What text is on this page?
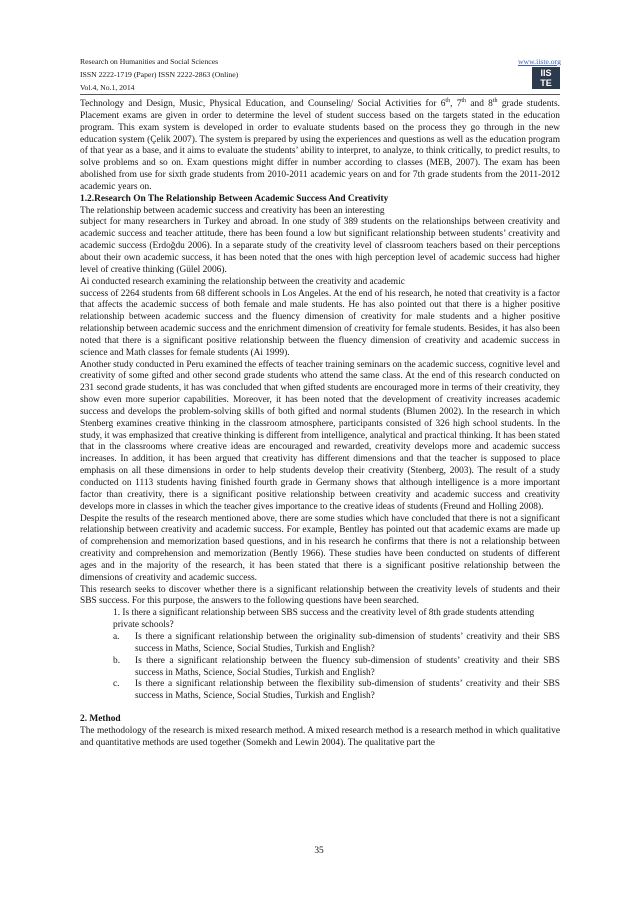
Research on Humanities and Social Sciences
ISSN 2222-1719 (Paper) ISSN 2222-2863 (Online)
Vol.4, No.1, 2014
www.iiste.org
IIS
TE

Technology and Design, Music, Physical Education, and Counseling/ Social Activities for 6th, 7th and 8th grade students. Placement exams are given in order to determine the level of student success based on the targets stated in the education program. This exam system is developed in order to evaluate students based on the process they go through in the new education system (Çelik 2007). The system is prepared by using the experiences and questions as well as the education program of that year as a base, and it aims to evaluate the students’ ability to interpret, to analyze, to think critically, to predict results, to solve problems and so on. Exam questions might differ in number according to classes (MEB, 2007). The exam has been abolished from use for sixth grade students from 2010-2011 academic years on and for 7th grade students from the 2011-2012 academic years on.

1.2.Research On The Relationship Between Academic Success And Creativity

The relationship between academic success and creativity has been an interesting

subject for many researchers in Turkey and abroad. In one study of 389 students on the relationships between creativity and academic success and teacher attitude, there has been found a low but significant relationship between students’ creativity and academic success (Erdoğdu 2006). In a separate study of the creativity level of classroom teachers based on their perceptions about their own academic success, it has been noted that the ones with high perception level of academic success had higher level of creative thinking (Gülel 2006).

Ai conducted research examining the relationship between the creativity and academic

success of 2264 students from 68 different schools in Los Angeles. At the end of his research, he noted that creativity is a factor that affects the academic success of both female and male students. He has also pointed out that there is a higher positive relationship between academic success and the fluency dimension of creativity for male students and a higher positive relationship between academic success and the enrichment dimension of creativity for female students. Besides, it has also been noted that there is a significant positive relationship between the fluency dimension of creativity and academic success in science and Math classes for female students (Ai 1999).

Another study conducted in Peru examined the effects of teacher training seminars on the academic success, cognitive level and creativity of some gifted and other second grade students who attend the same class. At the end of this research conducted on 231 second grade students, it has was concluded that when gifted students are encouraged more in terms of their creativity, they show even more superior capabilities. Moreover, it has been noted that the development of creativity increases academic success and develops the problem-solving skills of both gifted and normal students (Blumen 2002). In the research in which Stenberg examines creative thinking in the classroom atmosphere, participants consisted of 326 high school students. In the study, it was emphasized that creative thinking is different from intelligence, analytical and practical thinking. It has been stated that in the classrooms where creative ideas are encouraged and rewarded, creativity develops more and academic success increases. In addition, it has been argued that creativity has different dimensions and that the teacher is supposed to place emphasis on all these dimensions in order to help students develop their creativity (Stenberg, 2003). The result of a study conducted on 1113 students having finished fourth grade in Germany shows that although intelligence is a more important factor than creativity, there is a significant positive relationship between creativity and academic success and creativity develops more in classes in which the teacher gives importance to the creative ideas of students (Freund and Holling 2008).

Despite the results of the research mentioned above, there are some studies which have concluded that there is not a significant relationship between creativity and academic success. For example, Bentley has pointed out that academic exams are made up of comprehension and memorization based questions, and in his research he confirms that there is not a relationship between creativity and comprehension and memorization (Bently 1966). These studies have been conducted on students of different ages and in the majority of the research, it has been stated that there is a significant positive relationship between the dimensions of creativity and academic success.

This research seeks to discover whether there is a significant relationship between the creativity levels of students and their SBS success. For this purpose, the answers to the following questions have been searched.

1. Is there a significant relationship between SBS success and the creativity level of 8th grade students attending private schools?

a.	Is there a significant relationship between the originality sub-dimension of students’ creativity and their SBS success in Maths, Science, Social Studies, Turkish and English?
b.	Is there a significant relationship between the fluency sub-dimension of students’ creativity and their SBS success in Maths, Science, Social Studies, Turkish and English?
c.	Is there a significant relationship between the flexibility sub-dimension of students’ creativity and their SBS success in Maths, Science, Social Studies, Turkish and English?

2. Method

The methodology of the research is mixed research method. A mixed research method is a research method in which qualitative and quantitative methods are used together (Somekh and Lewin 2004). The qualitative part the

35
